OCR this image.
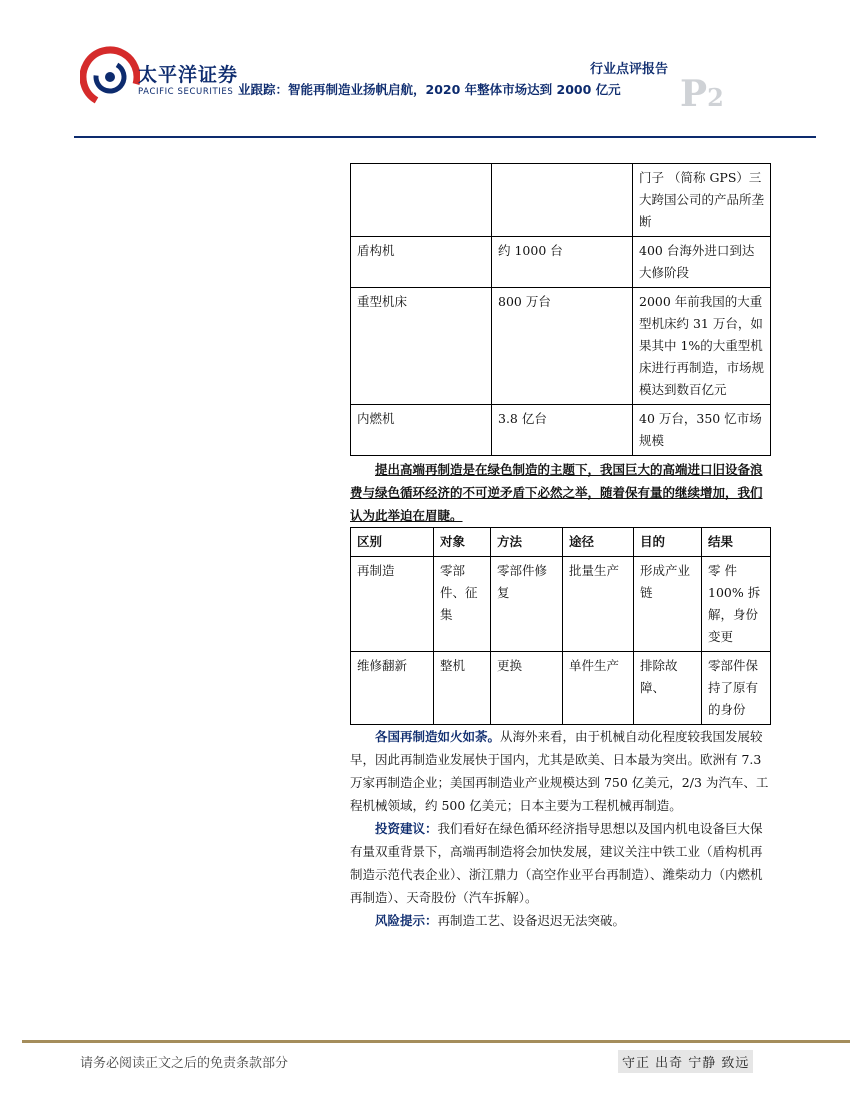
太平洋证券
PACIFIC SECURITIES
行业点评报告
业跟踪：智能再制造业扬帆启航，2020 年整体市场达到 2000 亿元 P2
		门子 （简称 GPS）三大跨国公司的产品所垄断
盾构机	约 1000 台	400 台海外进口到达大修阶段
重型机床	800 万台	2000 年前我国的大重型机床约 31 万台，如果其中 1%的大重型机床进行再制造，市场规模达到数百亿元
内燃机	3.8 亿台	40 万台，350 忆市场规模

提出高端再制造是在绿色制造的主题下，我国巨大的高端进口旧设备浪费与绿色循环经济的不可逆矛盾下必然之举，随着保有量的继续增加，我们认为此举迫在眉睫。

区别	对象	方法	途径	目的	结果
再制造	零部件、征集	零部件修复	批量生产	形成产业链	零 件100% 拆解，身份变更
维修翻新	整机	更换	单件生产	排除故障、	零部件保持了原有的身份

各国再制造如火如荼。从海外来看，由于机械自动化程度较我国发展较早，因此再制造业发展快于国内，尤其是欧美、日本最为突出。欧洲有 7.3 万家再制造企业；美国再制造业产业规模达到 750 亿美元，2/3 为汽车、工程机械领域，约 500 亿美元；日本主要为工程机械再制造。

投资建议：我们看好在绿色循环经济指导思想以及国内机电设备巨大保有量双重背景下，高端再制造将会加快发展，建议关注中铁工业（盾构机再制造示范代表企业）、浙江鼎力（高空作业平台再制造）、潍柴动力（内燃机再制造）、天奇股份（汽车拆解）。

风险提示：再制造工艺、设备迟迟无法突破。

请务必阅读正文之后的免责条款部分	守正 出奇 宁静 致远
